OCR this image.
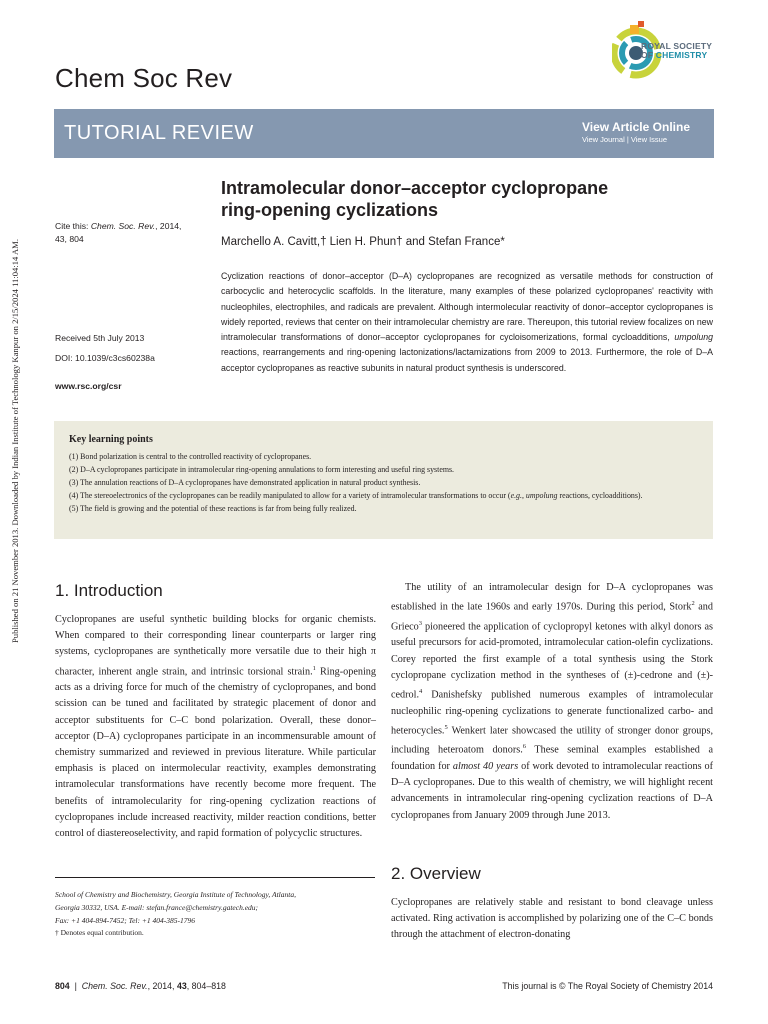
Published on 21 November 2013. Downloaded by Indian Institute of Technology Kanpur on 2/15/2024 11:04:14 AM.
Chem Soc Rev
ROYAL SOCIETY
OF CHEMISTRY
TUTORIAL REVIEW	View Article Online
View Journal | View Issue
Cite this: Chem. Soc. Rev., 2014,
43, 804
Received 5th July 2013
DOI: 10.1039/c3cs60238a
www.rsc.org/csr
Intramolecular donor–acceptor cyclopropane
ring-opening cyclizations
Marchello A. Cavitt,† Lien H. Phun† and Stefan France*
Cyclization reactions of donor–acceptor (D–A) cyclopropanes are recognized as versatile methods for construction of carbocyclic and heterocyclic scaffolds. In the literature, many examples of these polarized cyclopropanes' reactivity with nucleophiles, electrophiles, and radicals are prevalent. Although intermolecular reactivity of donor–acceptor cyclopropanes is widely reported, reviews that center on their intramolecular chemistry are rare. Thereupon, this tutorial review focalizes on new intramolecular transformations of donor–acceptor cyclopropanes for cycloisomerizations, formal cycloadditions, umpolung reactions, rearrangements and ring-opening lactonizations/lactamizations from 2009 to 2013. Furthermore, the role of D–A acceptor cyclopropanes as reactive subunits in natural product synthesis is underscored.
Key learning points
(1) Bond polarization is central to the controlled reactivity of cyclopropanes.
(2) D–A cyclopropanes participate in intramolecular ring-opening annulations to form interesting and useful ring systems.
(3) The annulation reactions of D–A cyclopropanes have demonstrated application in natural product synthesis.
(4) The stereoelectronics of the cyclopropanes can be readily manipulated to allow for a variety of intramolecular transformations to occur (e.g., umpolung reactions, cycloadditions).
(5) The field is growing and the potential of these reactions is far from being fully realized.
1. Introduction

Cyclopropanes are useful synthetic building blocks for organic chemists. When compared to their corresponding linear counterparts or larger ring systems, cyclopropanes are synthetically more versatile due to their high π character, inherent angle strain, and intrinsic torsional strain.$^1$ Ring-opening acts as a driving force for much of the chemistry of cyclopropanes, and bond scission can be tuned and facilitated by strategic placement of donor and acceptor substituents for C–C bond polarization. Overall, these donor–acceptor (D–A) cyclopropanes participate in an incommensurable amount of chemistry summarized and reviewed in previous literature. While particular emphasis is placed on intermolecular reactivity, examples demonstrating intramolecular transformations have recently become more frequent. The benefits of intramolecularity for ring-opening cyclization reactions of cyclopropanes include increased reactivity, milder reaction conditions, better control of diastereoselectivity, and rapid formation of polycyclic structures.

The utility of an intramolecular design for D–A cyclopropanes was established in the late 1960s and early 1970s. During this period, Stork$^2$ and Grieco$^3$ pioneered the application of cyclopropyl ketones with alkyl donors as useful precursors for acid-promoted, intramolecular cation-olefin cyclizations. Corey reported the first example of a total synthesis using the Stork cyclopropane cyclization method in the syntheses of (±)-cedrone and (±)-cedrol.$^4$ Danishefsky published numerous examples of intramolecular nucleophilic ring-opening cyclizations to generate functionalized carbo- and heterocycles.$^5$ Wenkert later showcased the utility of stronger donor groups, including heteroatom donors.$^6$ These seminal examples established a foundation for almost 40 years of work devoted to intramolecular reactions of D–A cyclopropanes. Due to this wealth of chemistry, we will highlight recent advancements in intramolecular ring-opening cyclization reactions of D–A cyclopropanes from January 2009 through June 2013.

2. Overview
Cyclopropanes are relatively stable and resistant to bond cleavage unless activated. Ring activation is accomplished by polarizing one of the C–C bonds through the attachment of electron-donating
School of Chemistry and Biochemistry, Georgia Institute of Technology, Atlanta,
Georgia 30332, USA. E-mail: stefan.france@chemistry.gatech.edu;
Fax: +1 404-894-7452; Tel: +1 404-385-1796
† Denotes equal contribution.
804  |  Chem. Soc. Rev., 2014, 43, 804–818	This journal is © The Royal Society of Chemistry 2014
